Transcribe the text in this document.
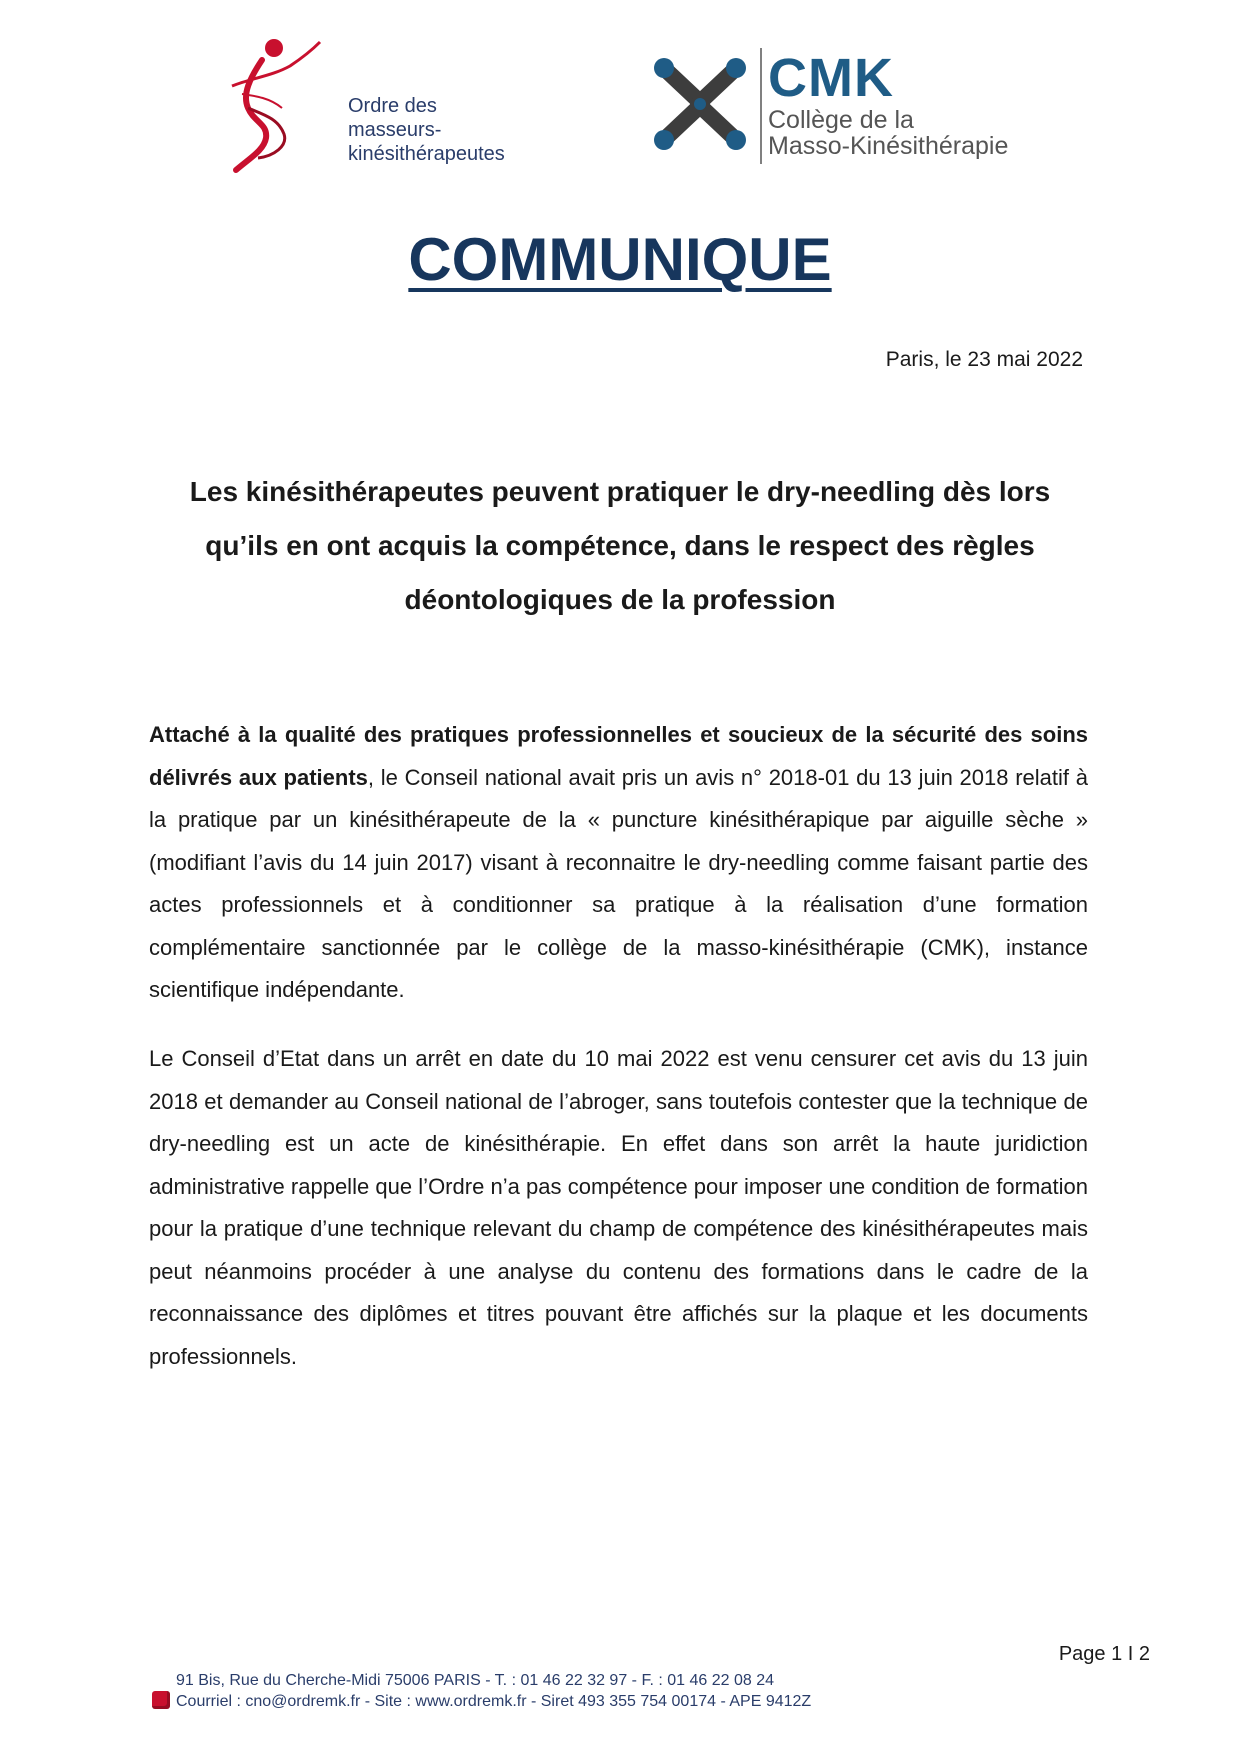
Ordre des
masseurs-kinésithérapeutes
CMK
Collège de la
Masso-Kinésithérapie
COMMUNIQUE
Paris, le 23 mai 2022
Les kinésithérapeutes peuvent pratiquer le dry-needling dès lors qu’ils en ont acquis la compétence, dans le respect des règles déontologiques de la profession

Attaché à la qualité des pratiques professionnelles et soucieux de la sécurité des soins délivrés aux patients, le Conseil national avait pris un avis n° 2018-01 du 13 juin 2018 relatif à la pratique par un kinésithérapeute de la « puncture kinésithérapique par aiguille sèche » (modifiant l’avis du 14 juin 2017) visant à reconnaitre le dry-needling comme faisant partie des actes professionnels et à conditionner sa pratique à la réalisation d’une formation complémentaire sanctionnée par le collège de la masso-kinésithérapie (CMK), instance scientifique indépendante.

Le Conseil d’Etat dans un arrêt en date du 10 mai 2022 est venu censurer cet avis du 13 juin 2018 et demander au Conseil national de l’abroger, sans toutefois contester que la technique de dry-needling est un acte de kinésithérapie. En effet dans son arrêt la haute juridiction administrative rappelle que l’Ordre n’a pas compétence pour imposer une condition de formation pour la pratique d’une technique relevant du champ de compétence des kinésithérapeutes mais peut néanmoins procéder à une analyse du contenu des formations dans le cadre de la reconnaissance des diplômes et titres pouvant être affichés sur la plaque et les documents professionnels.

Page 1 I 2
91 Bis, Rue du Cherche-Midi 75006 PARIS - T. : 01 46 22 32 97 - F. : 01 46 22 08 24
Courriel : cno@ordremk.fr - Site : www.ordremk.fr - Siret 493 355 754 00174 - APE 9412Z
